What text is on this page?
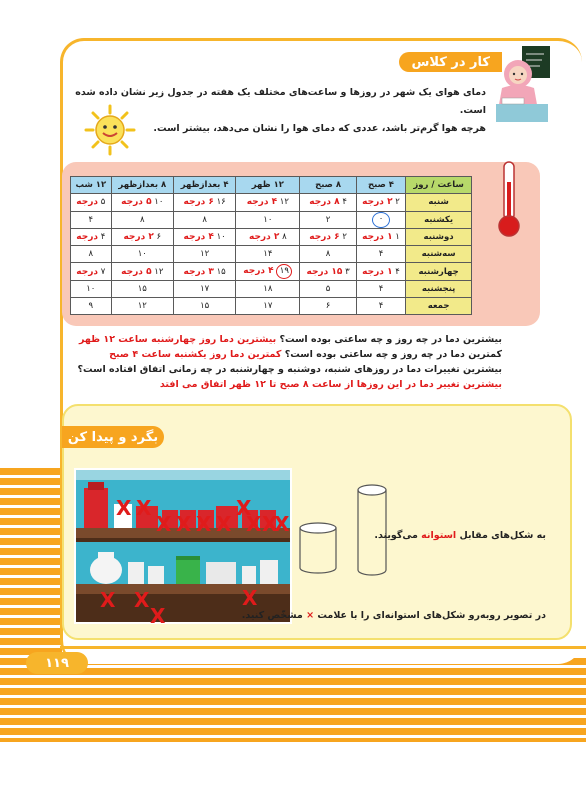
۱۱۹
کار در کلاس
دمای هوای یک شهر در روزها و ساعت‌های مختلف یک هفته در جدول زیر نشان داده شده است.
هرچه هوا گرم‌تر باشد، عددی که دمای هوا را نشان می‌دهد، بیشتر است.
ساعت / روز	۴ صبح	۸ صبح	۱۲ ظهر	۴ بعدازظهر	۸ بعدازظهر	۱۲ شب
شنبه	۲ ۲ درجه	۴ ۸ درجه	۱۲ ۴ درجه	۱۶ ۶ درجه	۱۰ ۵ درجه	۵ درجه
یکشنبه	۰	۲	۱۰	۸	۸	۴
دوشنبه	۱ ۱ درجه	۲ ۶ درجه	۸ ۲ درجه	۱۰ ۴ درجه	۶ ۲ درجه	۴ درجه
سه‌شنبه	۴	۸	۱۴	۱۲	۱۰	۸
چهارشنبه	۴ ۱ درجه	۳ ۱۵ درجه	۱۹ ۴ درجه	۱۵ ۳ درجه	۱۲ ۵ درجه	۷ درجه
پنجشنبه	۴	۵	۱۸	۱۷	۱۵	۱۰
جمعه	۴	۶	۱۷	۱۵	۱۲	۹
بیشترین دما در چه روز و چه ساعتی بوده است؟ بیشترین دما روز چهارشنبه ساعت ۱۲ ظهر
کمترین دما در چه روز و چه ساعتی بوده است؟ کمترین دما روز یکشنبه ساعت ۴ صبح
بیشترین تغییرات دما در روزهای شنبه، دوشنبه و چهارشنبه در چه زمانی اتفاق افتاده است؟
بیشترین تغییر دما در این روزها از ساعت ۸ صبح تا ۱۲ ظهر اتفاق می افتد
بگرد و پیدا کن
X X
X X X X
X
X X
X
X X
X
X
به شکل‌های مقابل استوانه می‌گویند.
در تصویر روبه‌رو شکل‌های استوانه‌ای را با علامت × مشخّص کنید.
